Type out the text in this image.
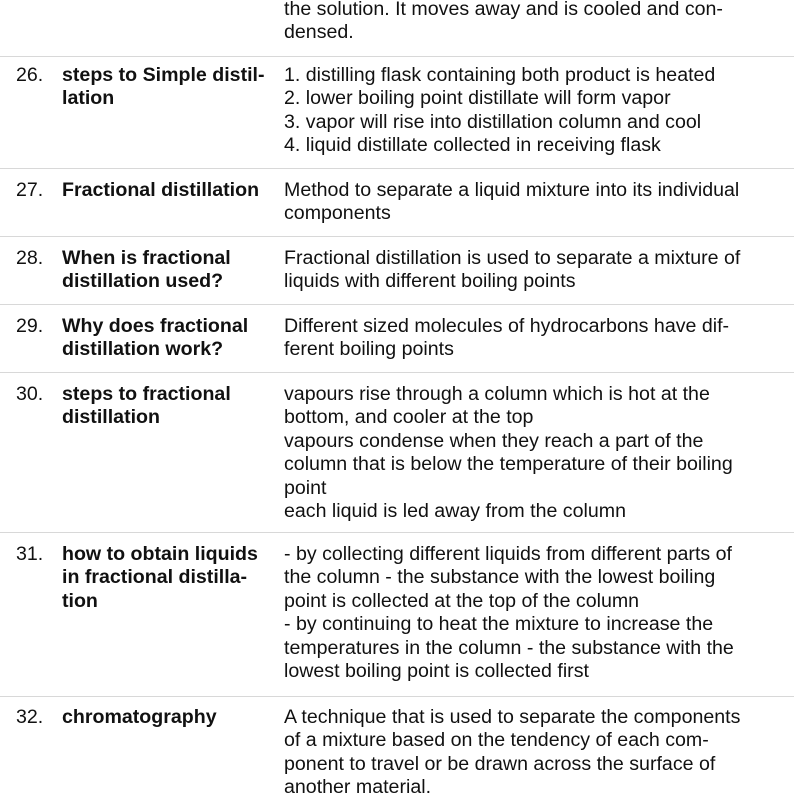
the solution. It moves away and is cooled and con-
densed.
26. steps to Simple distil-
lation
1. distilling flask containing both product is heated
2. lower boiling point distillate will form vapor
3. vapor will rise into distillation column and cool
4. liquid distillate collected in receiving flask
27. Fractional distillation	Method to separate a liquid mixture into its individual
components
28. When is fractional
distillation used?
Fractional distillation is used to separate a mixture of
liquids with different boiling points
29. Why does fractional
distillation work?
Different sized molecules of hydrocarbons have dif-
ferent boiling points
30. steps to fractional
distillation
vapours rise through a column which is hot at the
bottom, and cooler at the top
vapours condense when they reach a part of the
column that is below the temperature of their boiling
point
each liquid is led away from the column
31. how to obtain liquids
in fractional distilla-
tion
- by collecting different liquids from different parts of
the column - the substance with the lowest boiling
point is collected at the top of the column
- by continuing to heat the mixture to increase the
temperatures in the column - the substance with the
lowest boiling point is collected first
32. chromatography	A technique that is used to separate the components
of a mixture based on the tendency of each com-
ponent to travel or be drawn across the surface of
another material.
